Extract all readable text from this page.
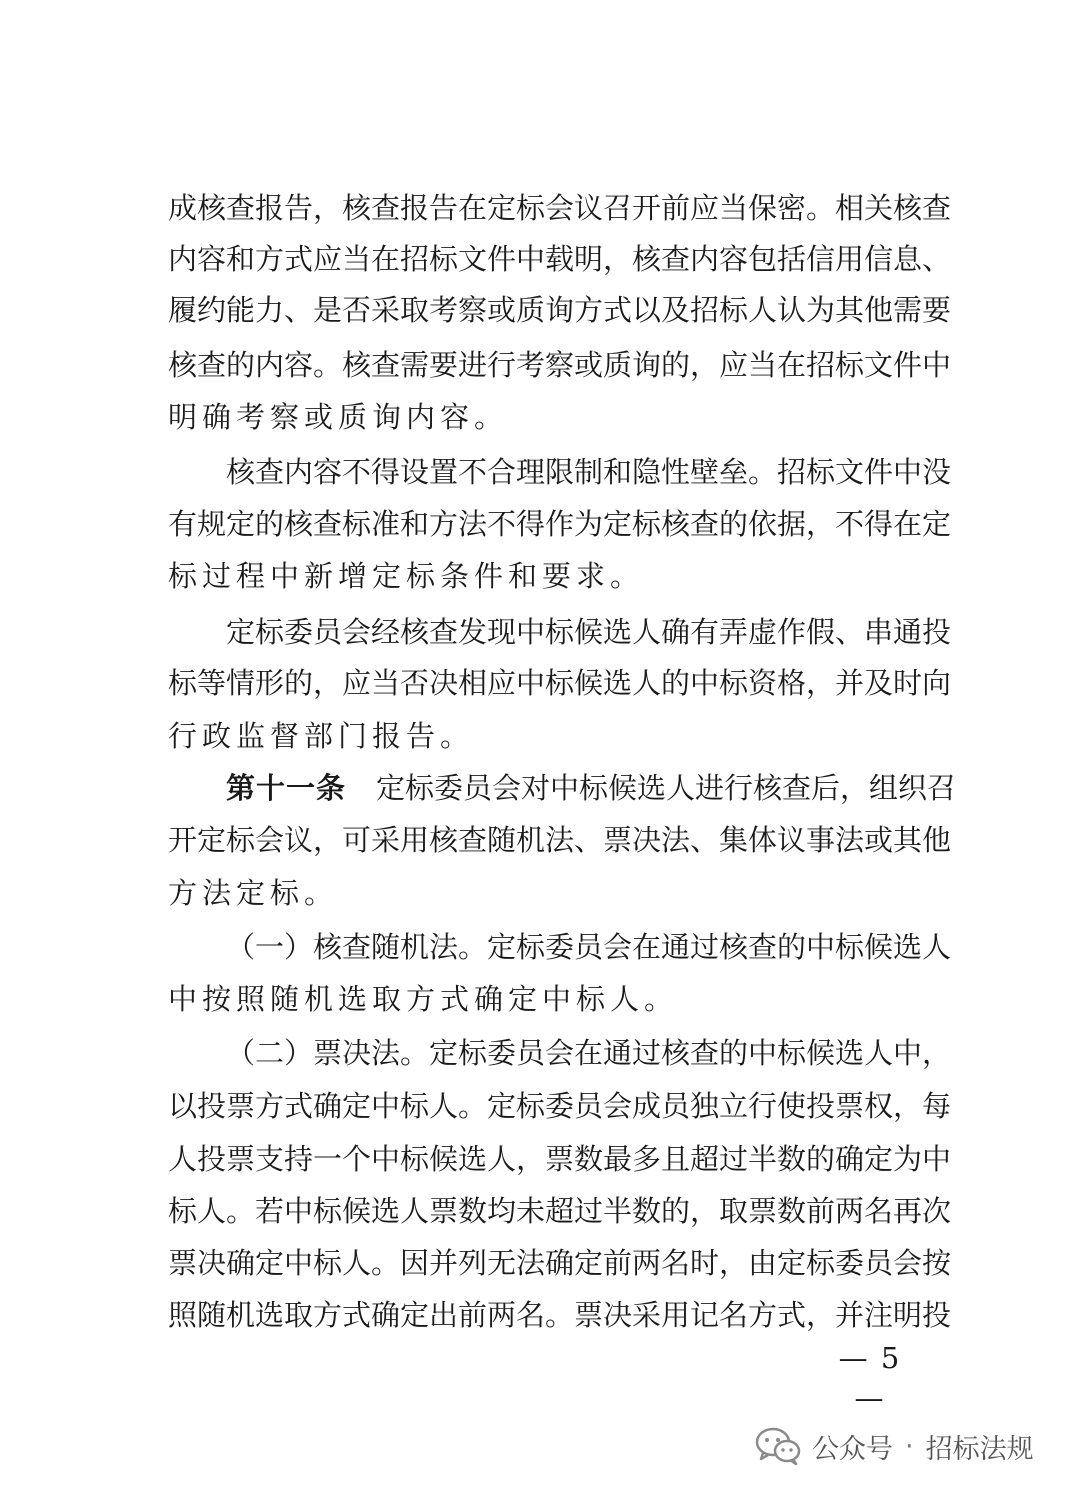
成核查报告，核查报告在定标会议召开前应当保密。相关核查
内容和方式应当在招标文件中载明，核查内容包括信用信息、
履约能力、是否采取考察或质询方式以及招标人认为其他需要
核查的内容。核查需要进行考察或质询的，应当在招标文件中
明确考察或质询内容。
核查内容不得设置不合理限制和隐性壁垒。招标文件中没
有规定的核查标准和方法不得作为定标核查的依据，不得在定
标过程中新增定标条件和要求。
定标委员会经核查发现中标候选人确有弄虚作假、串通投
标等情形的，应当否决相应中标候选人的中标资格，并及时向
行政监督部门报告。
第十一条 定标委员会对中标候选人进行核查后，组织召
开定标会议，可采用核查随机法、票决法、集体议事法或其他
方法定标。
（一）核查随机法。定标委员会在通过核查的中标候选人
中按照随机选取方式确定中标人。
（二）票决法。定标委员会在通过核查的中标候选人中，
以投票方式确定中标人。定标委员会成员独立行使投票权，每
人投票支持一个中标候选人，票数最多且超过半数的确定为中
标人。若中标候选人票数均未超过半数的，取票数前两名再次
票决确定中标人。因并列无法确定前两名时，由定标委员会按
照随机选取方式确定出前两名。票决采用记名方式，并注明投
— 5 —
公众号 · 招标法规
